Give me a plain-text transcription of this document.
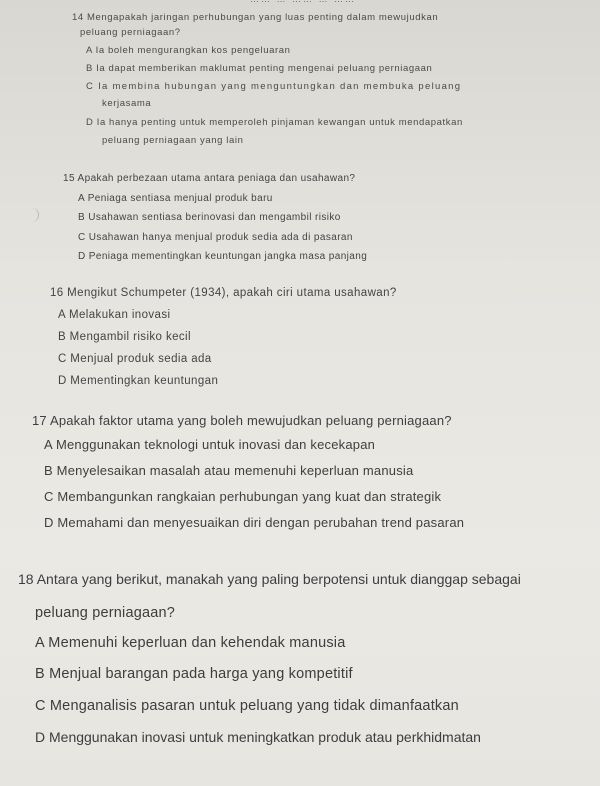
14 Mengapakah jaringan perhubungan yang luas penting dalam mewujudkan
peluang perniagaan?
A Ia boleh mengurangkan kos pengeluaran
B Ia dapat memberikan maklumat penting mengenai peluang perniagaan
C Ia membina hubungan yang menguntungkan dan membuka peluang
kerjasama
D Ia hanya penting untuk memperoleh pinjaman kewangan untuk mendapatkan
peluang perniagaan yang lain
15 Apakah perbezaan utama antara peniaga dan usahawan?
A Peniaga sentiasa menjual produk baru
B Usahawan sentiasa berinovasi dan mengambil risiko
C Usahawan hanya menjual produk sedia ada di pasaran
D Peniaga mementingkan keuntungan jangka masa panjang
16 Mengikut Schumpeter (1934), apakah ciri utama usahawan?
A Melakukan inovasi
B Mengambil risiko kecil
C Menjual produk sedia ada
D Mementingkan keuntungan
17 Apakah faktor utama yang boleh mewujudkan peluang perniagaan?
A Menggunakan teknologi untuk inovasi dan kecekapan
B Menyelesaikan masalah atau memenuhi keperluan manusia
C Membangunkan rangkaian perhubungan yang kuat dan strategik
D Memahami dan menyesuaikan diri dengan perubahan trend pasaran
18 Antara yang berikut, manakah yang paling berpotensi untuk dianggap sebagai
peluang perniagaan?
A Memenuhi keperluan dan kehendak manusia
B Menjual barangan pada harga yang kompetitif
C Menganalisis pasaran untuk peluang yang tidak dimanfaatkan
D Menggunakan inovasi untuk meningkatkan produk atau perkhidmatan
